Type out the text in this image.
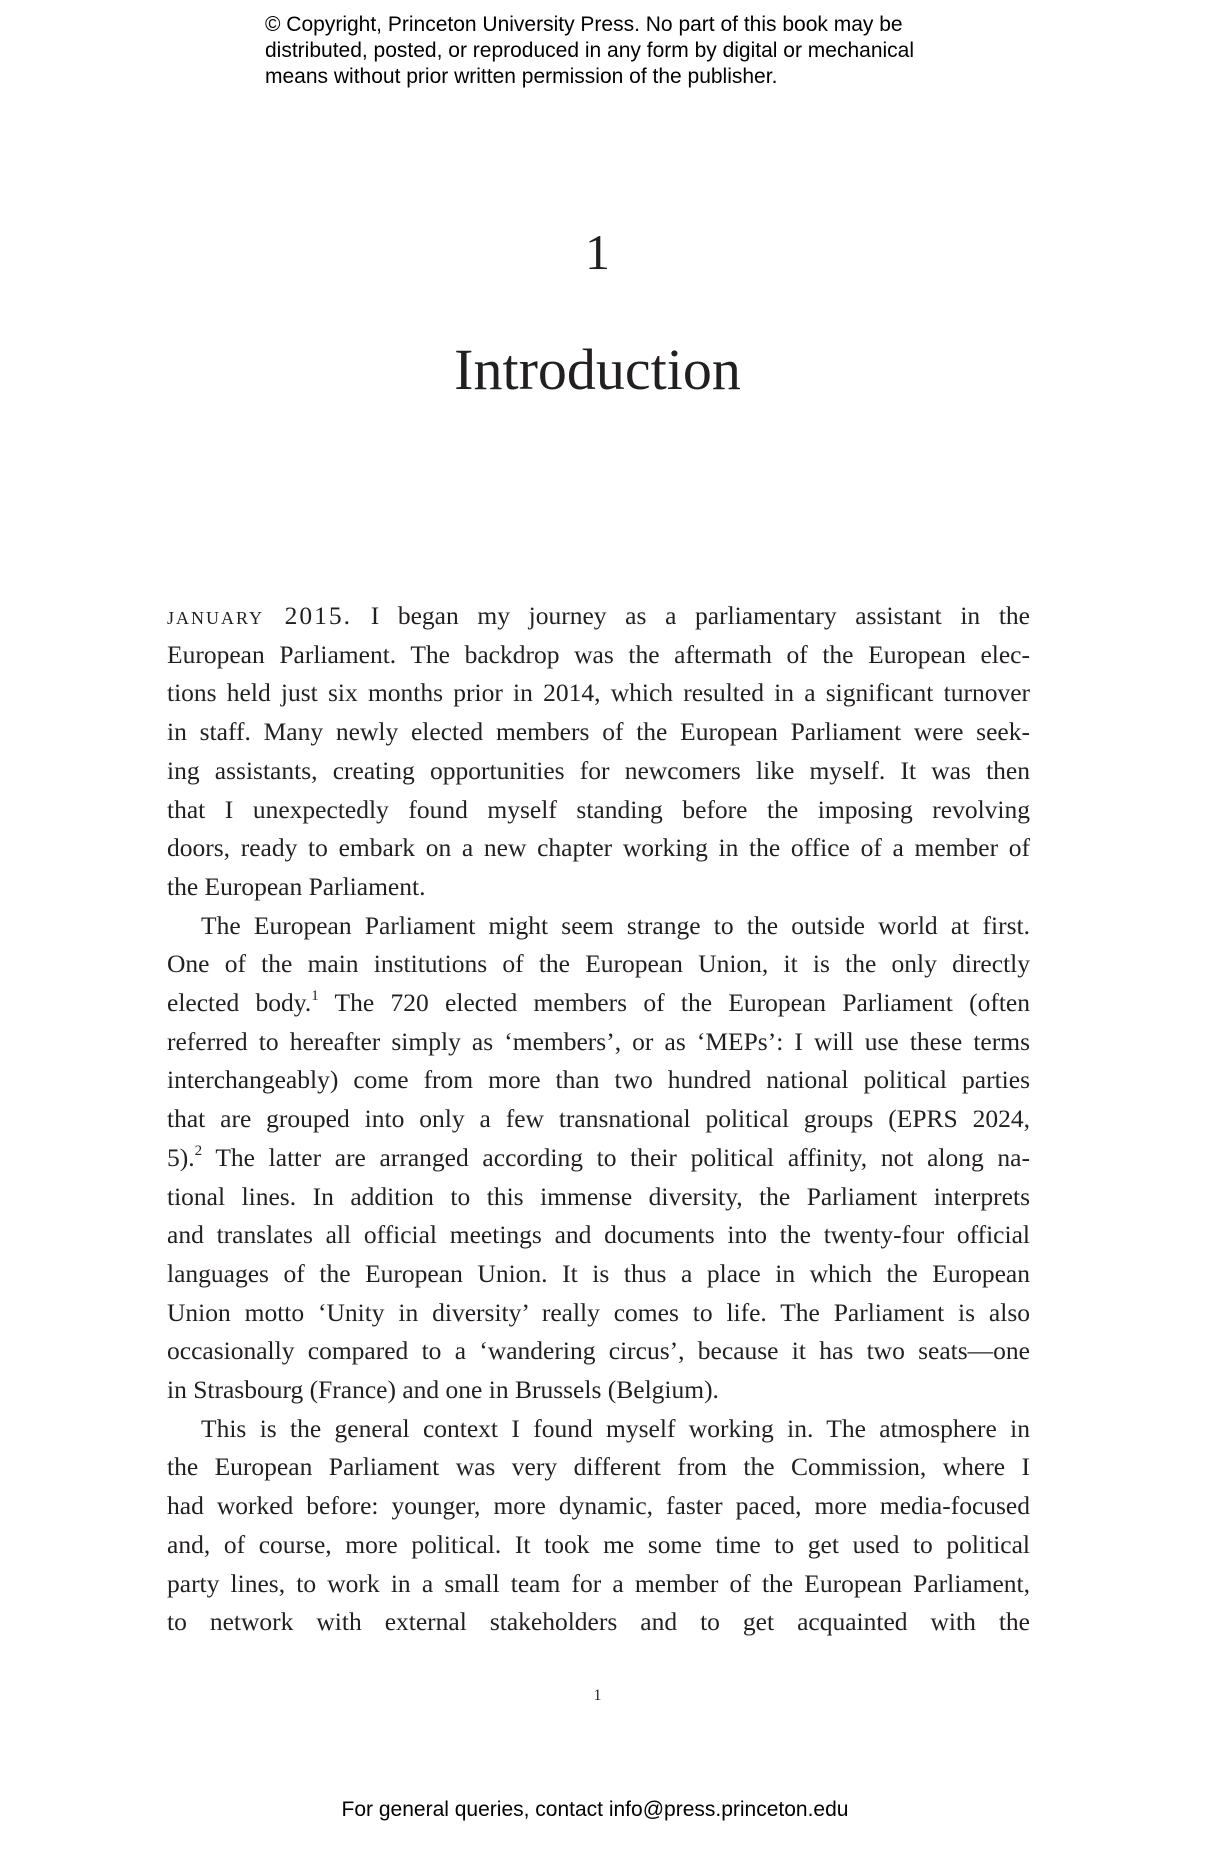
© Copyright, Princeton University Press. No part of this book may be
distributed, posted, or reproduced in any form by digital or mechanical
means without prior written permission of the publisher.
1
Introduction
january 2015. I began my journey as a parliamentary assistant in the
European Parliament. The backdrop was the aftermath of the European elec-
tions held just six months prior in 2014, which resulted in a significant turnover
in staff. Many newly elected members of the European Parliament were seek-
ing assistants, creating opportunities for newcomers like myself. It was then
that I unexpectedly found myself standing before the imposing revolving
doors, ready to embark on a new chapter working in the office of a member of
the European Parliament.
The European Parliament might seem strange to the outside world at first.
One of the main institutions of the European Union, it is the only directly
elected body.$^1$ The 720 elected members of the European Parliament (often
referred to hereafter simply as ‘members’, or as ‘MEPs’: I will use these terms
interchangeably) come from more than two hundred national political parties
that are grouped into only a few transnational political groups (EPRS 2024,
5).$^2$ The latter are arranged according to their political affinity, not along na-
tional lines. In addition to this immense diversity, the Parliament interprets
and translates all official meetings and documents into the twenty-four official
languages of the European Union. It is thus a place in which the European
Union motto ‘Unity in diversity’ really comes to life. The Parliament is also
occasionally compared to a ‘wandering circus’, because it has two seats—one
in Strasbourg (France) and one in Brussels (Belgium).
This is the general context I found myself working in. The atmosphere in
the European Parliament was very different from the Commission, where I
had worked before: younger, more dynamic, faster paced, more media-focused
and, of course, more political. It took me some time to get used to political
party lines, to work in a small team for a member of the European Parliament,
to network with external stakeholders and to get acquainted with the
1
For general queries, contact info@press.princeton.edu
